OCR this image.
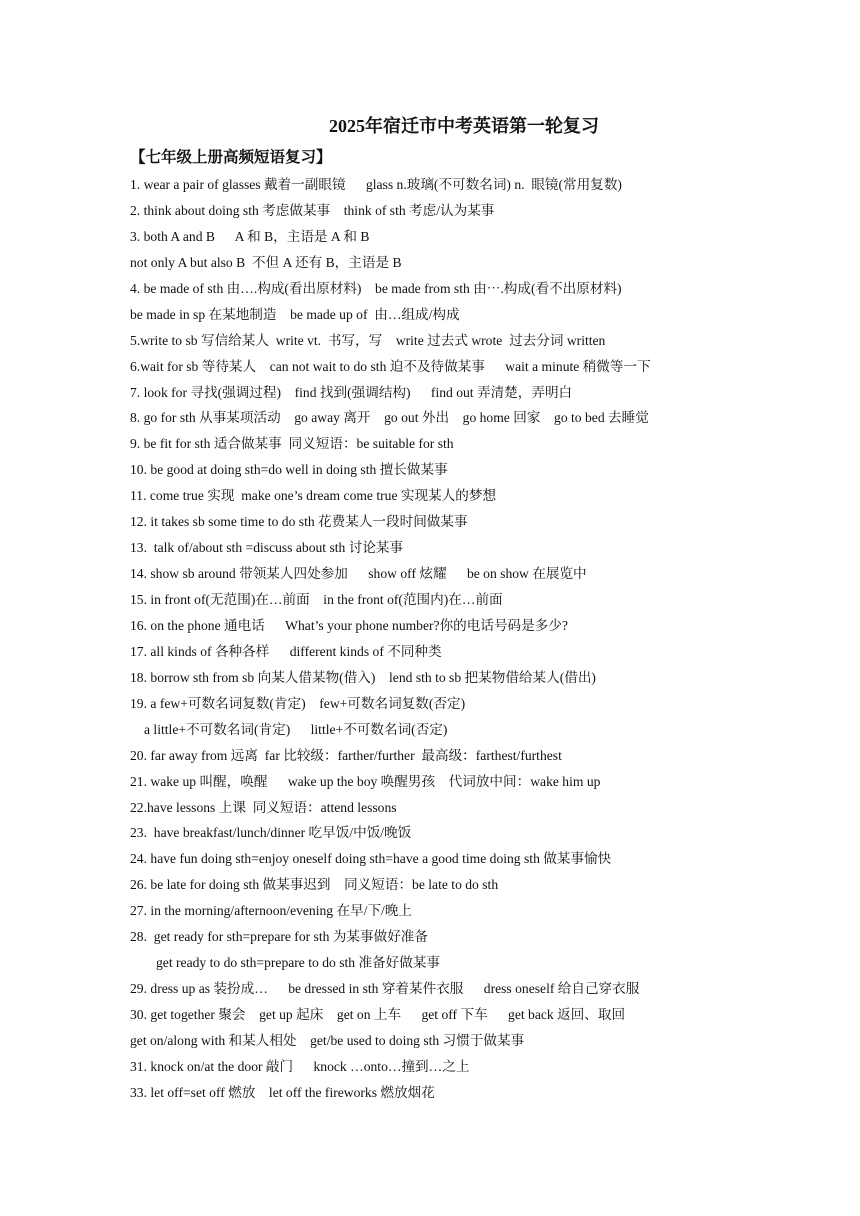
2025年宿迁市中考英语第一轮复习
【七年级上册高频短语复习】
1. wear a pair of glasses 戴着一副眼镜      glass n.玻璃(不可数名词) n.  眼镜(常用复数)
2. think about doing sth 考虑做某事    think of sth 考虑/认为某事
3. both A and B      A 和 B，主语是 A 和 B
not only A but also B  不但 A 还有 B，主语是 B
4. be made of sth 由….构成(看出原材料)    be made from sth 由⋯.构成(看不出原材料)
be made in sp 在某地制造    be made up of  由…组成/构成
5.write to sb 写信给某人  write vt.  书写，写    write 过去式 wrote  过去分词 written
6.wait for sb 等待某人    can not wait to do sth 迫不及待做某事      wait a minute 稍微等一下
7. look for 寻找(强调过程)    find 找到(强调结构)      find out 弄清楚，弄明白
8. go for sth 从事某项活动    go away 离开    go out 外出    go home 回家    go to bed 去睡觉
9. be fit for sth 适合做某事  同义短语：be suitable for sth
10. be good at doing sth=do well in doing sth 擅长做某事
11. come true 实现  make one’s dream come true 实现某人的梦想
12. it takes sb some time to do sth 花费某人一段时间做某事
13.  talk of/about sth =discuss about sth 讨论某事
14. show sb around 带领某人四处参加      show off 炫耀      be on show 在展览中
15. in front of(无范围)在…前面    in the front of(范围内)在…前面
16. on the phone 通电话      What’s your phone number?你的电话号码是多少?
17. all kinds of 各种各样      different kinds of 不同种类
18. borrow sth from sb 向某人借某物(借入)    lend sth to sb 把某物借给某人(借出)
19. a few+可数名词复数(肯定)    few+可数名词复数(否定)
a little+不可数名词(肯定)      little+不可数名词(否定)
20. far away from 远离  far 比较级：farther/further  最高级：farthest/furthest
21. wake up 叫醒，唤醒      wake up the boy 唤醒男孩    代词放中间：wake him up
22.have lessons 上课  同义短语：attend lessons
23.  have breakfast/lunch/dinner 吃早饭/中饭/晚饭
24. have fun doing sth=enjoy oneself doing sth=have a good time doing sth 做某事愉快
26. be late for doing sth 做某事迟到    同义短语：be late to do sth
27. in the morning/afternoon/evening 在早/下/晚上
28.  get ready for sth=prepare for sth 为某事做好准备
get ready to do sth=prepare to do sth 准备好做某事
29. dress up as 装扮成…      be dressed in sth 穿着某件衣服      dress oneself 给自己穿衣服
30. get together 聚会    get up 起床    get on 上车      get off 下车      get back 返回、取回
get on/along with 和某人相处    get/be used to doing sth 习惯于做某事
31. knock on/at the door 敲门      knock …onto…撞到…之上
33. let off=set off 燃放    let off the fireworks 燃放烟花
